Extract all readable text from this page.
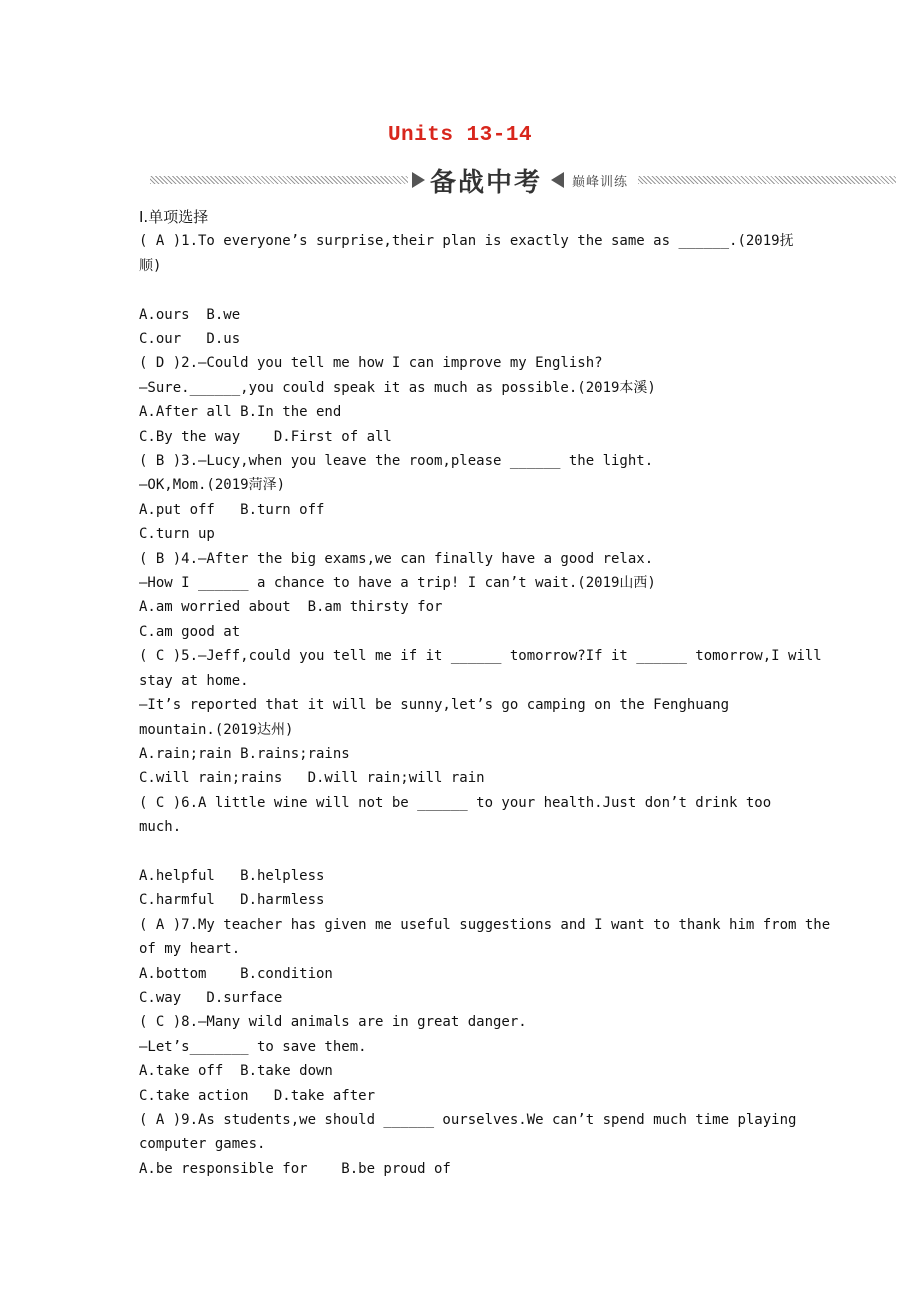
Units 13-14
备战中考 巅峰训练
Ⅰ.单项选择
( A )1.To everyone’s surprise,their plan is exactly the same as ______.(2019抚
顺)
A.ours  B.we
C.our   D.us
( D )2.—Could you tell me how I can improve my English?
—Sure.______,you could speak it as much as possible.(2019本溪)
A.After all B.In the end
C.By the way    D.First of all
( B )3.—Lucy,when you leave the room,please ______ the light.
—OK,Mom.(2019菏泽)
A.put off   B.turn off
C.turn up
( B )4.—After the big exams,we can finally have a good relax.
—How I ______ a chance to have a trip! I can’t wait.(2019山西)
A.am worried about  B.am thirsty for
C.am good at
( C )5.—Jeff,could you tell me if it ______ tomorrow?If it ______ tomorrow,I will
stay at home.
—It’s reported that it will be sunny,let’s go camping on the Fenghuang
mountain.(2019达州)
A.rain;rain B.rains;rains
C.will rain;rains   D.will rain;will rain
( C )6.A little wine will not be ______ to your health.Just don’t drink too
much.
A.helpful   B.helpless
C.harmful   D.harmless
( A )7.My teacher has given me useful suggestions and I want to thank him from the
of my heart.
A.bottom    B.condition
C.way   D.surface
( C )8.—Many wild animals are in great danger.
—Let’s_______ to save them.
A.take off  B.take down
C.take action   D.take after
( A )9.As students,we should ______ ourselves.We can’t spend much time playing
computer games.
A.be responsible for    B.be proud of
